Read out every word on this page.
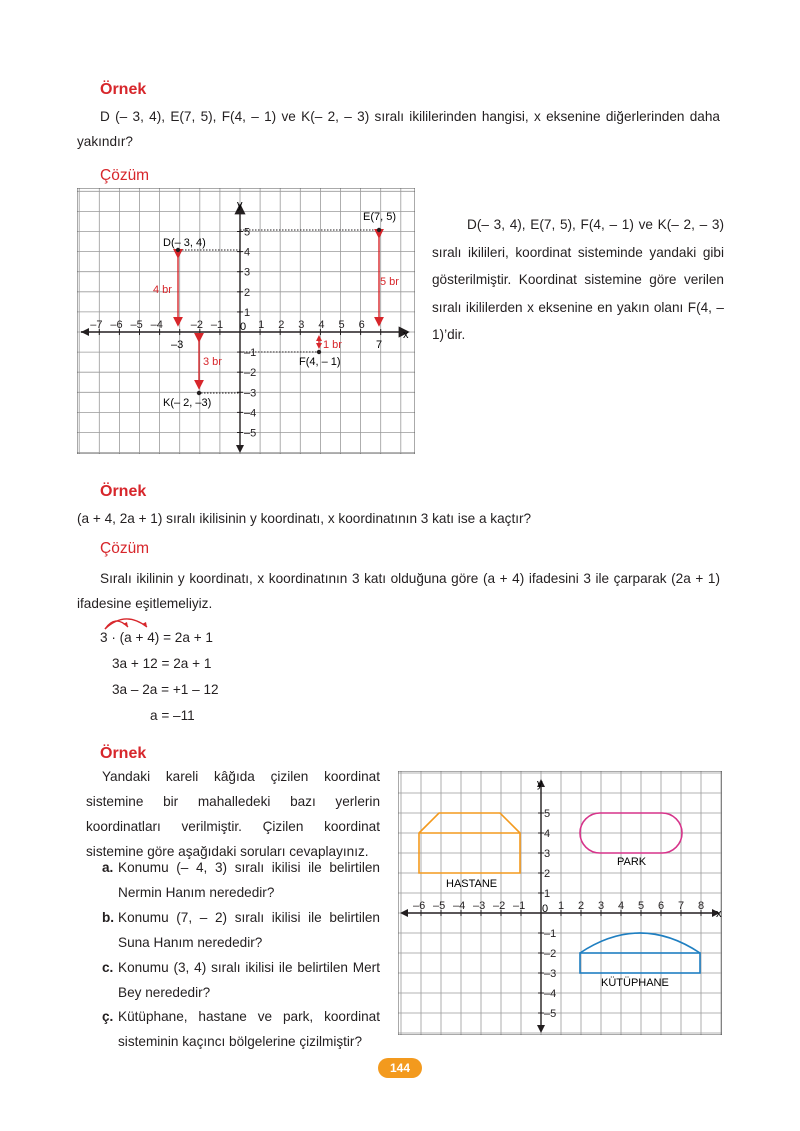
Örnek
D (– 3, 4), E(7, 5), F(4, – 1) ve K(– 2, – 3) sıralı ikililerinden hangisi, x eksenine diğerlerinden daha yakındır?
Çözüm
–7 –6 –5 –4	–2 –1	1 2 3 4 5 6
5
4
3
2
1
–1
–2
–3
–4
–5
y
x
0
–3	7
D(– 3, 4)
E(7, 5)
F(4, – 1)
K(– 2, –3)
4 br
5 br
1 br
3 br
D(– 3, 4), E(7, 5), F(4, – 1) ve K(– 2, – 3) sıralı ikilileri, koordinat sisteminde yandaki gibi gösterilmiştir. Koordinat sistemine göre verilen sıralı ikililerden x eksenine en yakın olanı F(4, – 1)’dir.
Örnek
(a + 4, 2a + 1) sıralı ikilisinin y koordinatı, x koordinatının 3 katı ise a kaçtır?
Çözüm
Sıralı ikilinin y koordinatı, x koordinatının 3 katı olduğuna göre (a + 4) ifadesini 3 ile çarparak (2a + 1) ifadesine eşitlemeliyiz.
3 · (a + 4) = 2a + 1
3a + 12 = 2a + 1
3a – 2a = +1 – 12
a = –11
Örnek
Yandaki kareli kâğıda çizilen koordinat sistemine bir mahalledeki bazı yerlerin koordinatları verilmiştir. Çizilen koordinat sistemine göre aşağıdaki soruları cevaplayınız.
a. Konumu (– 4, 3) sıralı ikilisi ile belirtilen Nermin Hanım nerededir?
b. Konumu (7, – 2) sıralı ikilisi ile belirtilen Suna Hanım nerededir?
c. Konumu (3, 4) sıralı ikilisi ile belirtilen Mert Bey nerededir?
ç. Kütüphane, hastane ve park, koordinat sisteminin kaçıncı bölgelerine çizilmiştir?
–6 –5 –4 –3 –2 –1	1 2 3 4 5 6 7 8
5
4
3
2
1
–1
–2
–3
–4
–5
y
x
0
HASTANE
PARK
KÜTÜPHANE
144
